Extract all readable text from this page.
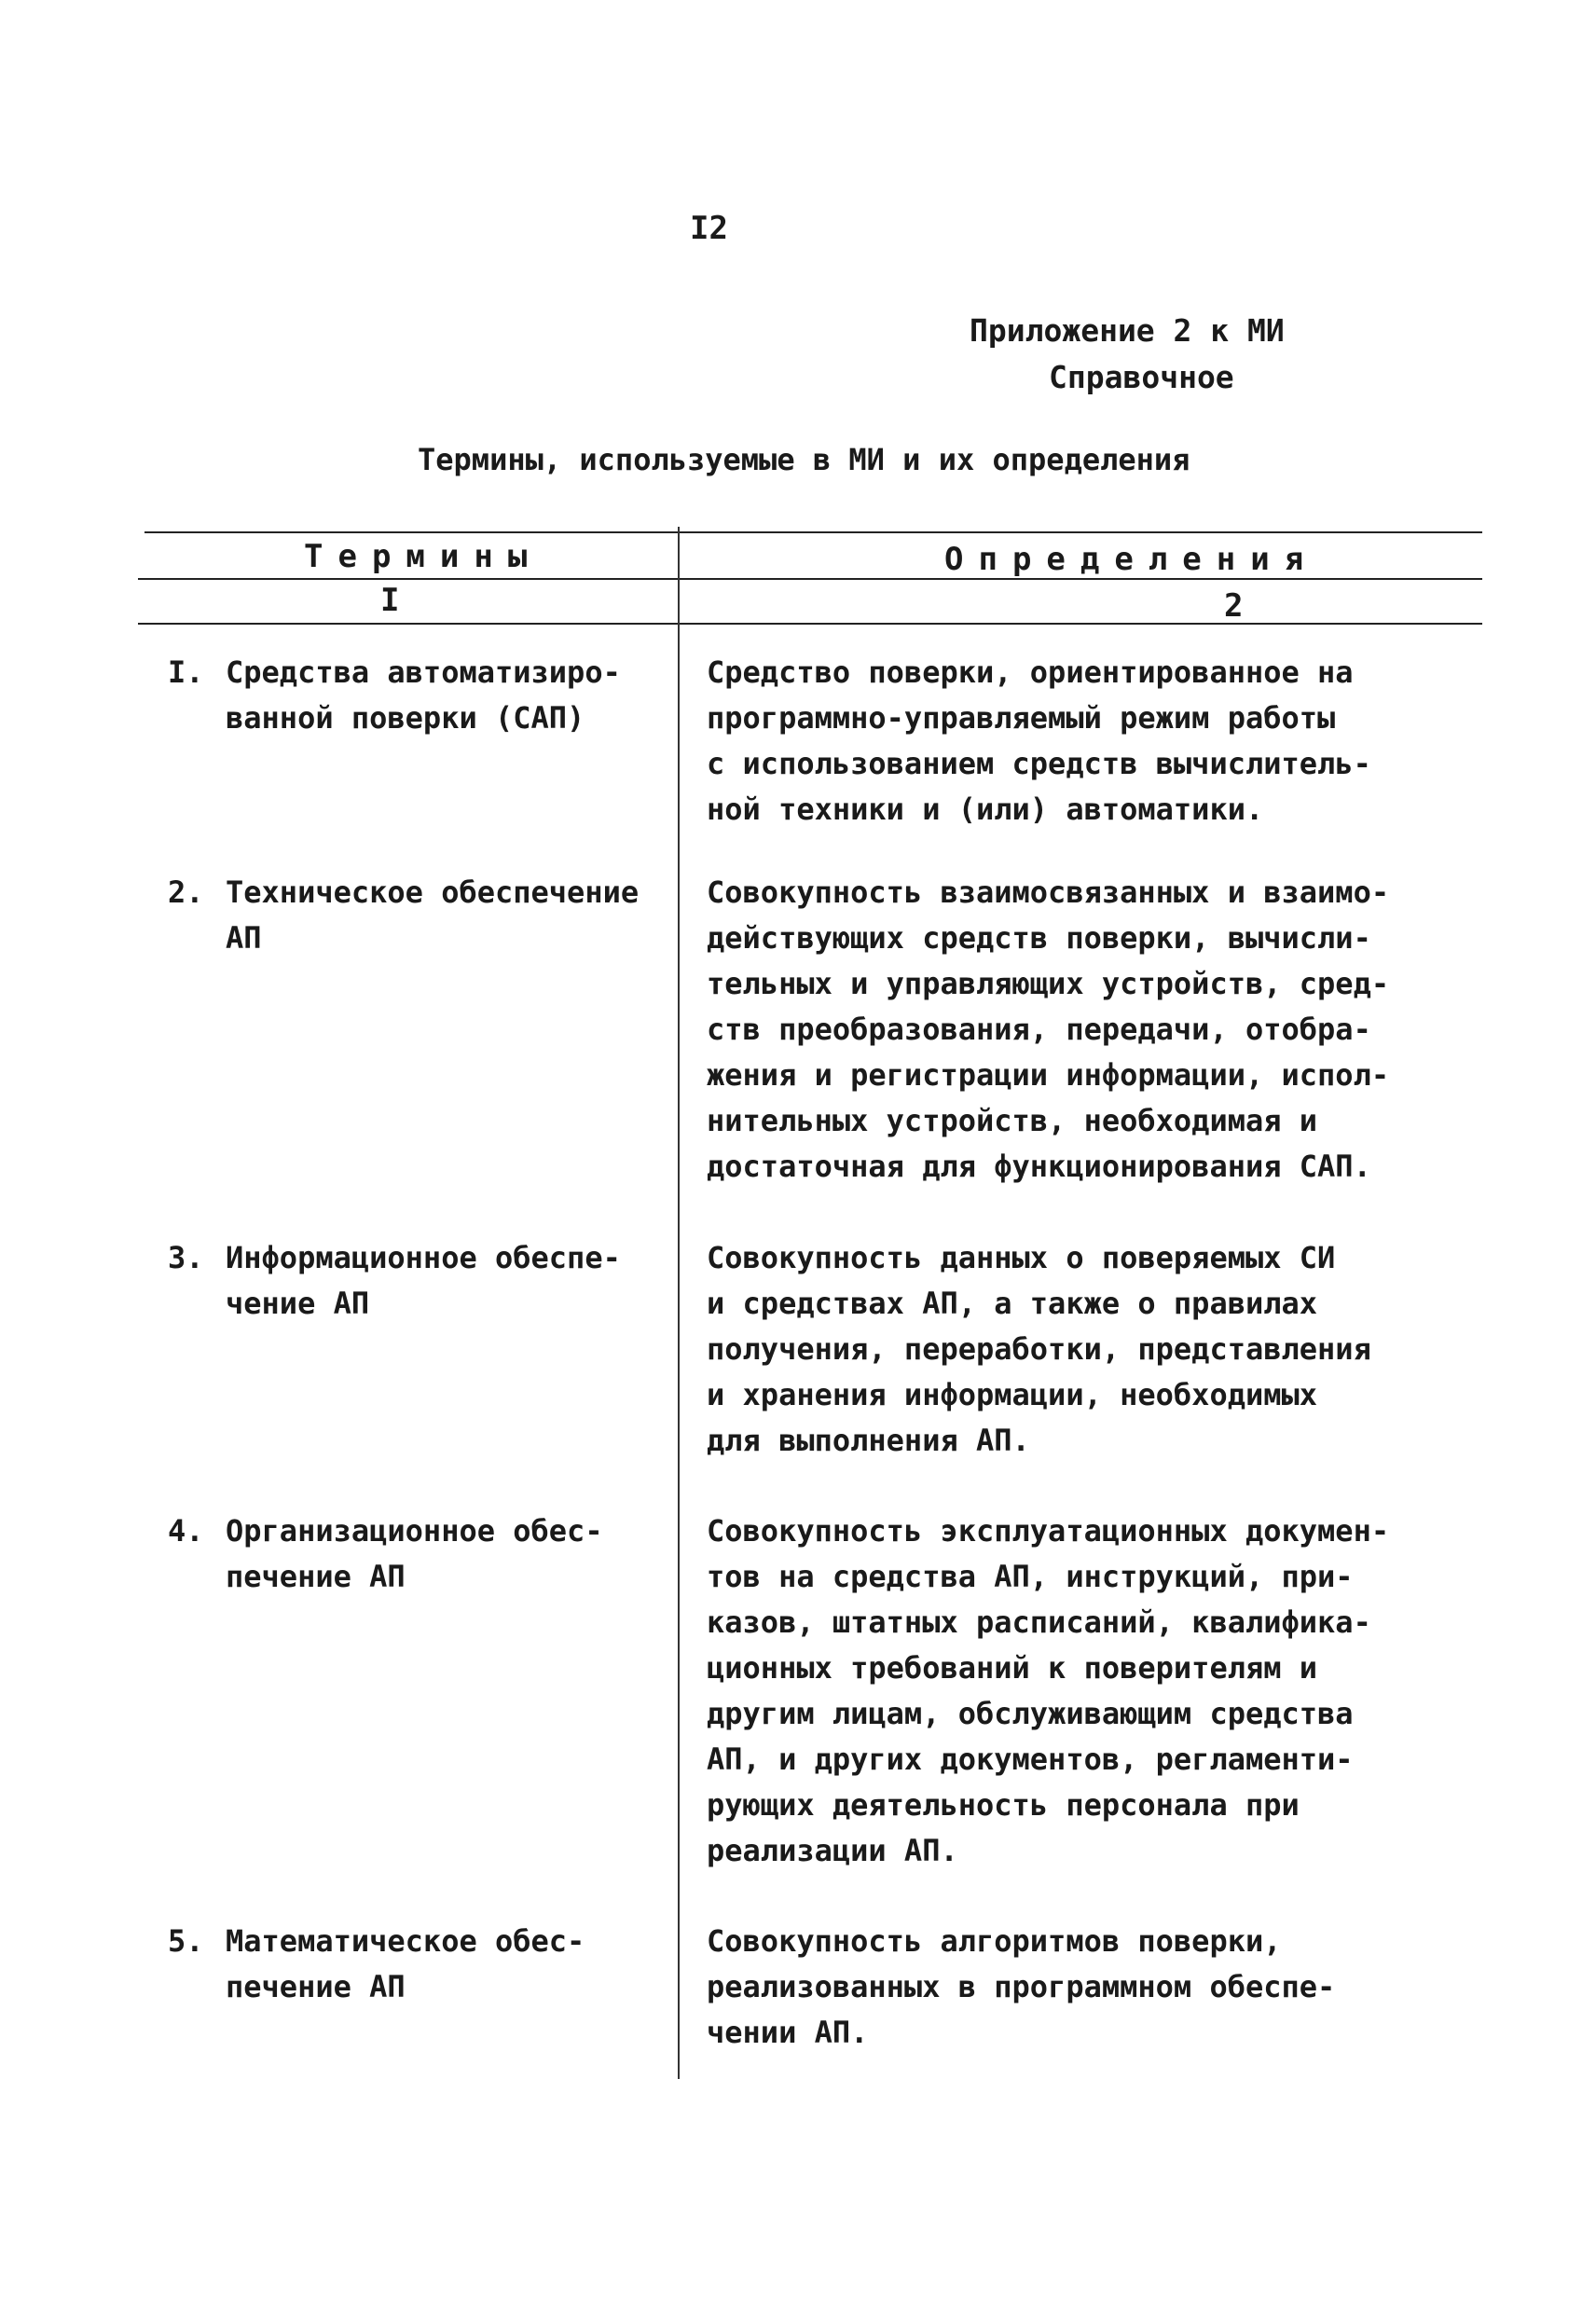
I2
Приложение 2 к МИ
Справочное
Термины, используемые в МИ и их определения
Термины	Определения
I	2
I. Средства автоматизиро-
ванной поверки (САП)
Средство поверки, ориентированное на
программно-управляемый режим работы
с использованием средств вычислитель-
ной техники и (или) автоматики.
2. Техническое обеспечение
АП
Совокупность взаимосвязанных и взаимо-
действующих средств поверки, вычисли-
тельных и управляющих устройств, сред-
ств преобразования, передачи, отобра-
жения и регистрации информации, испол-
нительных устройств, необходимая и
достаточная для функционирования САП.
3. Информационное обеспе-
чение АП
Совокупность данных о поверяемых СИ
и средствах АП, а также о правилах
получения, переработки, представления
и хранения информации, необходимых
для выполнения АП.
4. Организационное обес-
печение АП
Совокупность эксплуатационных докумен-
тов на средства АП, инструкций, при-
казов, штатных расписаний, квалифика-
ционных требований к поверителям и
другим лицам, обслуживающим средства
АП, и других документов, регламенти-
рующих деятельность персонала при
реализации АП.
5. Математическое обес-
печение АП
Совокупность алгоритмов поверки,
реализованных в программном обеспе-
чении АП.
